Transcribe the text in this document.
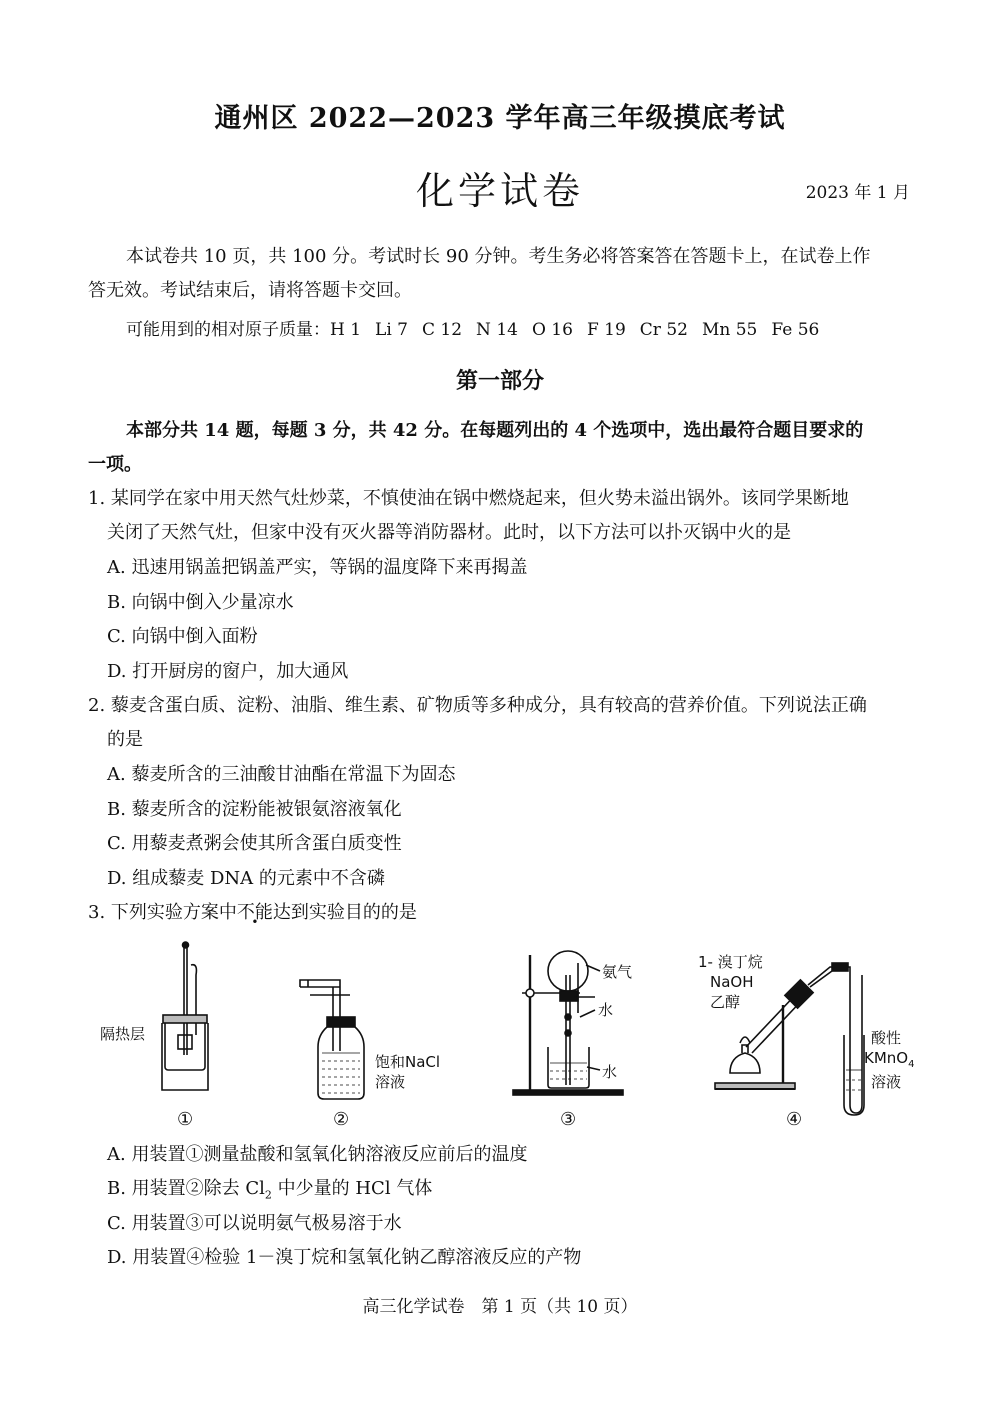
通州区 2022—2023 学年高三年级摸底考试
化学试卷	2023 年 1 月
本试卷共 10 页，共 100 分。考试时长 90 分钟。考生务必将答案答在答题卡上，在试卷上作
答无效。考试结束后，请将答题卡交回。
可能用到的相对原子质量：H 1 Li 7 C 12 N 14 O 16 F 19 Cr 52 Mn 55 Fe 56
第一部分
本部分共 14 题，每题 3 分，共 42 分。在每题列出的 4 个选项中，选出最符合题目要求的
一项。
1. 某同学在家中用天然气灶炒菜，不慎使油在锅中燃烧起来，但火势未溢出锅外。该同学果断地
关闭了天然气灶，但家中没有灭火器等消防器材。此时，以下方法可以扑灭锅中火的是
A. 迅速用锅盖把锅盖严实，等锅的温度降下来再揭盖
B. 向锅中倒入少量凉水
C. 向锅中倒入面粉
D. 打开厨房的窗户，加大通风
2. 藜麦含蛋白质、淀粉、油脂、维生素、矿物质等多种成分，具有较高的营养价值。下列说法正确
的是
A. 藜麦所含的三油酸甘油酯在常温下为固态
B. 藜麦所含的淀粉能被银氨溶液氧化
C. 用藜麦煮粥会使其所含蛋白质变性
D. 组成藜麦 DNA 的元素中不含磷
3. 下列实验方案中不能达到实验目的的是
隔热层
饱和NaCl
溶液
氨气
水
水
1- 溴丁烷
NaOH
乙醇
酸性
KMnO$_4$
溶液
①	②	③	④
A. 用装置①测量盐酸和氢氧化钠溶液反应前后的温度
B. 用装置②除去 $Cl_2$ 中少量的 HCl 气体
C. 用装置③可以说明氨气极易溶于水
D. 用装置④检验 1－溴丁烷和氢氧化钠乙醇溶液反应的产物
高三化学试卷　第 1 页（共 10 页）
